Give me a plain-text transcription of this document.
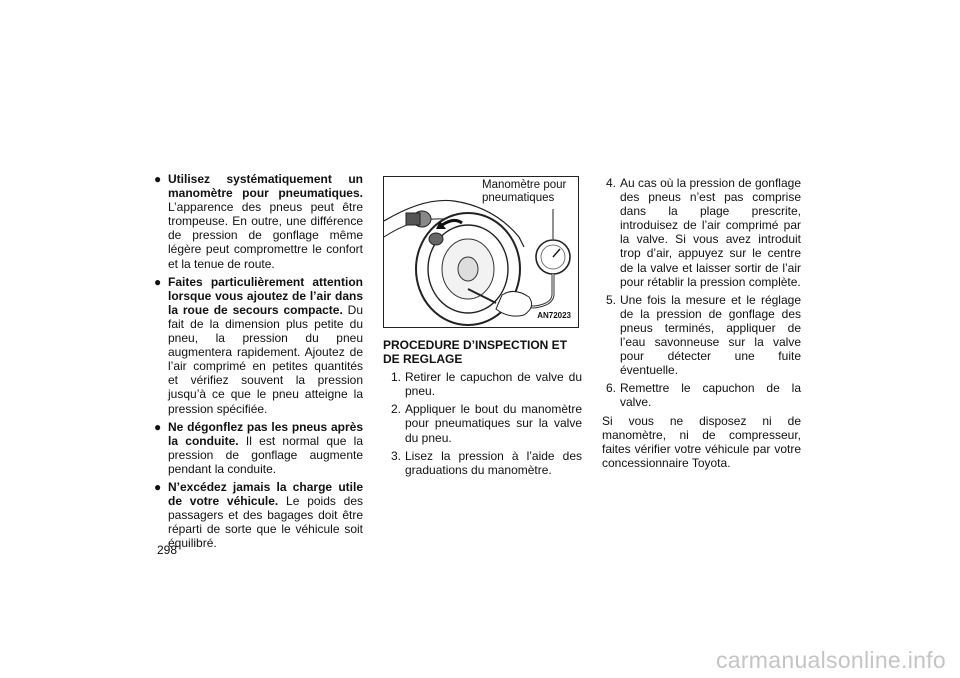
● Utilisez systématiquement un manomètre pour pneumatiques. L’apparence des pneus peut être trompeuse. En outre, une différence de pression de gonflage même légère peut compromettre le confort et la tenue de route.
● Faites particulièrement attention lorsque vous ajoutez de l’air dans la roue de secours compacte. Du fait de la dimension plus petite du pneu, la pression du pneu augmentera rapidement. Ajoutez de l’air comprimé en petites quantités et vérifiez souvent la pression jusqu’à ce que le pneu atteigne la pression spécifiée.
● Ne dégonflez pas les pneus après la conduite. Il est normal que la pression de gonflage augmente pendant la conduite.
● N’excédez jamais la charge utile de votre véhicule. Le poids des passagers et des bagages doit être réparti de sorte que le véhicule soit équilibré.
Manomètre pour
pneumatiques
AN72023
PROCEDURE D’INSPECTION ET DE REGLAGE
1. Retirer le capuchon de valve du pneu.
2. Appliquer le bout du manomètre pour pneumatiques sur la valve du pneu.
3. Lisez la pression à l’aide des graduations du manomètre.
4. Au cas où la pression de gonflage des pneus n’est pas comprise dans la plage prescrite, introduisez de l’air comprimé par la valve. Si vous avez introduit trop d’air, appuyez sur le centre de la valve et laisser sortir de l’air pour rétablir la pression complète.
5. Une fois la mesure et le réglage de la pression de gonflage des pneus terminés, appliquer de l’eau savonneuse sur la valve pour détecter une fuite éventuelle.
6. Remettre le capuchon de la valve.
Si vous ne disposez ni de manomètre, ni de compresseur, faites vérifier votre véhicule par votre concessionnaire Toyota.
298
carmanualsonline.info
